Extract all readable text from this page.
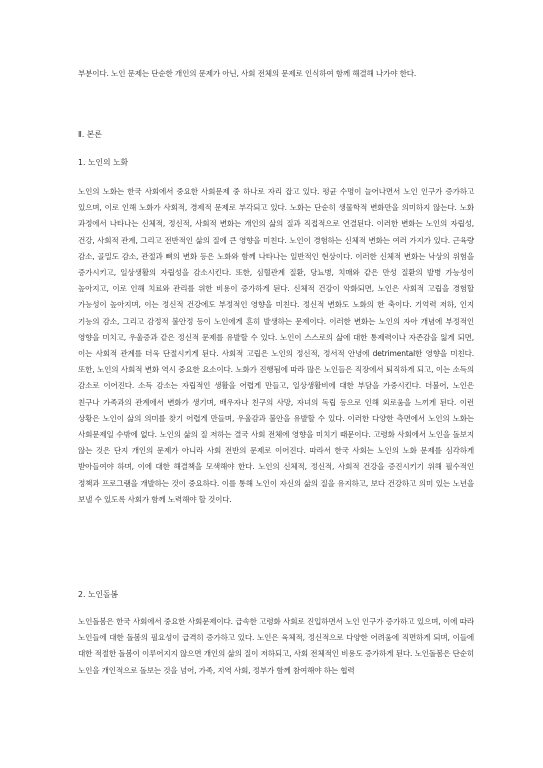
부분이다. 노인 문제는 단순한 개인의 문제가 아닌, 사회 전체의 문제로 인식하여 함께 해결해 나가야 한다.

Ⅱ. 본론
1. 노인의 노화

노인의 노화는 한국 사회에서 중요한 사회문제 중 하나로 자리 잡고 있다. 평균 수명이 늘어나면서 노인 인구가 증가하고 있으며, 이로 인해 노화가 사회적, 경제적 문제로 부각되고 있다. 노화는 단순히 생물학적 변화만을 의미하지 않는다. 노화 과정에서 나타나는 신체적, 정신적, 사회적 변화는 개인의 삶의 질과 직접적으로 연결된다. 이러한 변화는 노인의 자립성, 건강, 사회적 관계, 그리고 전반적인 삶의 질에 큰 영향을 미친다. 노인이 경험하는 신체적 변화는 여러 가지가 있다. 근육량 감소, 골밀도 감소, 관절과 뼈의 변화 등은 노화와 함께 나타나는 일반적인 현상이다. 이러한 신체적 변화는 낙상의 위험을 증가시키고, 일상생활의 자립성을 감소시킨다. 또한, 심혈관계 질환, 당뇨병, 치매와 같은 만성 질환의 발병 가능성이 높아지고, 이로 인해 치료와 관리를 위한 비용이 증가하게 된다. 신체적 건강이 악화되면, 노인은 사회적 고립을 경험할 가능성이 높아지며, 이는 정신적 건강에도 부정적인 영향을 미친다. 정신적 변화도 노화의 한 축이다. 기억력 저하, 인지 기능의 감소, 그리고 감정적 불안정 등이 노인에게 흔히 발생하는 문제이다. 이러한 변화는 노인의 자아 개념에 부정적인 영향을 미치고, 우울증과 같은 정신적 문제를 유발할 수 있다. 노인이 스스로의 삶에 대한 통제력이나 자존감을 잃게 되면, 이는 사회적 관계를 더욱 단절시키게 된다. 사회적 고립은 노인의 정신적, 정서적 안녕에 detrimental한 영향을 미친다. 또한, 노인의 사회적 변화 역시 중요한 요소이다. 노화가 진행됨에 따라 많은 노인들은 직장에서 퇴직하게 되고, 이는 소득의 감소로 이어진다. 소득 감소는 자립적인 생활을 어렵게 만들고, 일상생활비에 대한 부담을 가중시킨다. 더불어, 노인은 친구나 가족과의 관계에서 변화가 생기며, 배우자나 친구의 사망, 자녀의 독립 등으로 인해 외로움을 느끼게 된다. 이런 상황은 노인이 삶의 의미를 찾기 어렵게 만들며, 우울감과 불안을 유발할 수 있다. 이러한 다양한 측면에서 노인의 노화는 사회문제일 수밖에 없다. 노인의 삶의 질 저하는 결국 사회 전체에 영향을 미치기 때문이다. 고령화 사회에서 노인을 돌보지 않는 것은 단지 개인의 문제가 아니라 사회 전반의 문제로 이어진다. 따라서 한국 사회는 노인의 노화 문제를 심각하게 받아들여야 하며, 이에 대한 해결책을 모색해야 한다. 노인의 신체적, 정신적, 사회적 건강을 증진시키기 위해 필수적인 정책과 프로그램을 개발하는 것이 중요하다. 이를 통해 노인이 자신의 삶의 질을 유지하고, 보다 건강하고 의미 있는 노년을 보낼 수 있도록 사회가 함께 노력해야 할 것이다.

2. 노인돌봄

노인돌봄은 한국 사회에서 중요한 사회문제이다. 급속한 고령화 사회로 진입하면서 노인 인구가 증가하고 있으며, 이에 따라 노인들에 대한 돌봄의 필요성이 급격히 증가하고 있다. 노인은 육체적, 정신적으로 다양한 어려움에 직면하게 되며, 이들에 대한 적절한 돌봄이 이루어지지 않으면 개인의 삶의 질이 저하되고, 사회 전체적인 비용도 증가하게 된다. 노인돌봄은 단순히 노인을 개인적으로 돌보는 것을 넘어, 가족, 지역 사회, 정부가 함께 참여해야 하는 협력
